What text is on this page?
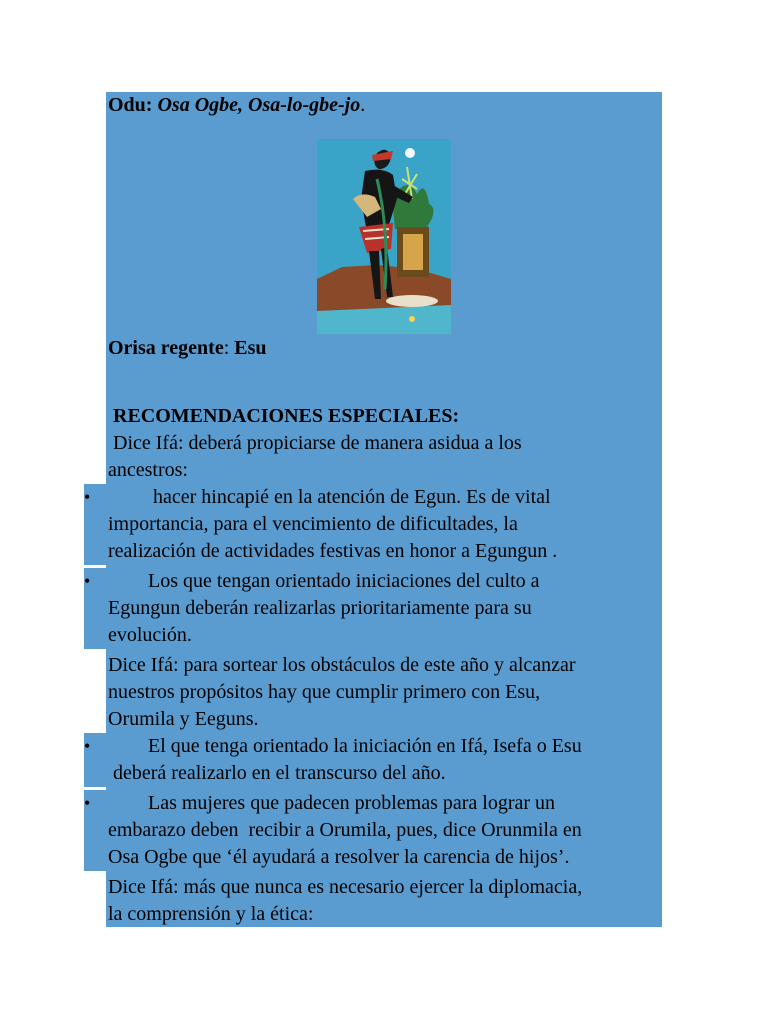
Odu: Osa Ogbe, Osa-lo-gbe-jo.
Orisa regente: Esu
RECOMENDACIONES ESPECIALES:
Dice Ifá: deberá propiciarse de manera asidua a los
ancestros:
• hacer hincapié en la atención de Egun. Es de vital
importancia, para el vencimiento de dificultades, la
realización de actividades festivas en honor a Egungun .
• Los que tengan orientado iniciaciones del culto a
Egungun deberán realizarlas prioritariamente para su
evolución.
Dice Ifá: para sortear los obstáculos de este año y alcanzar
nuestros propósitos hay que cumplir primero con Esu,
Orumila y Eeguns.
• El que tenga orientado la iniciación en Ifá, Isefa o Esu
deberá realizarlo en el transcurso del año.
• Las mujeres que padecen problemas para lograr un
embarazo deben  recibir a Orumila, pues, dice Orunmila en
Osa Ogbe que ‘él ayudará a resolver la carencia de hijos’.
Dice Ifá: más que nunca es necesario ejercer la diplomacia,
la comprensión y la ética:
